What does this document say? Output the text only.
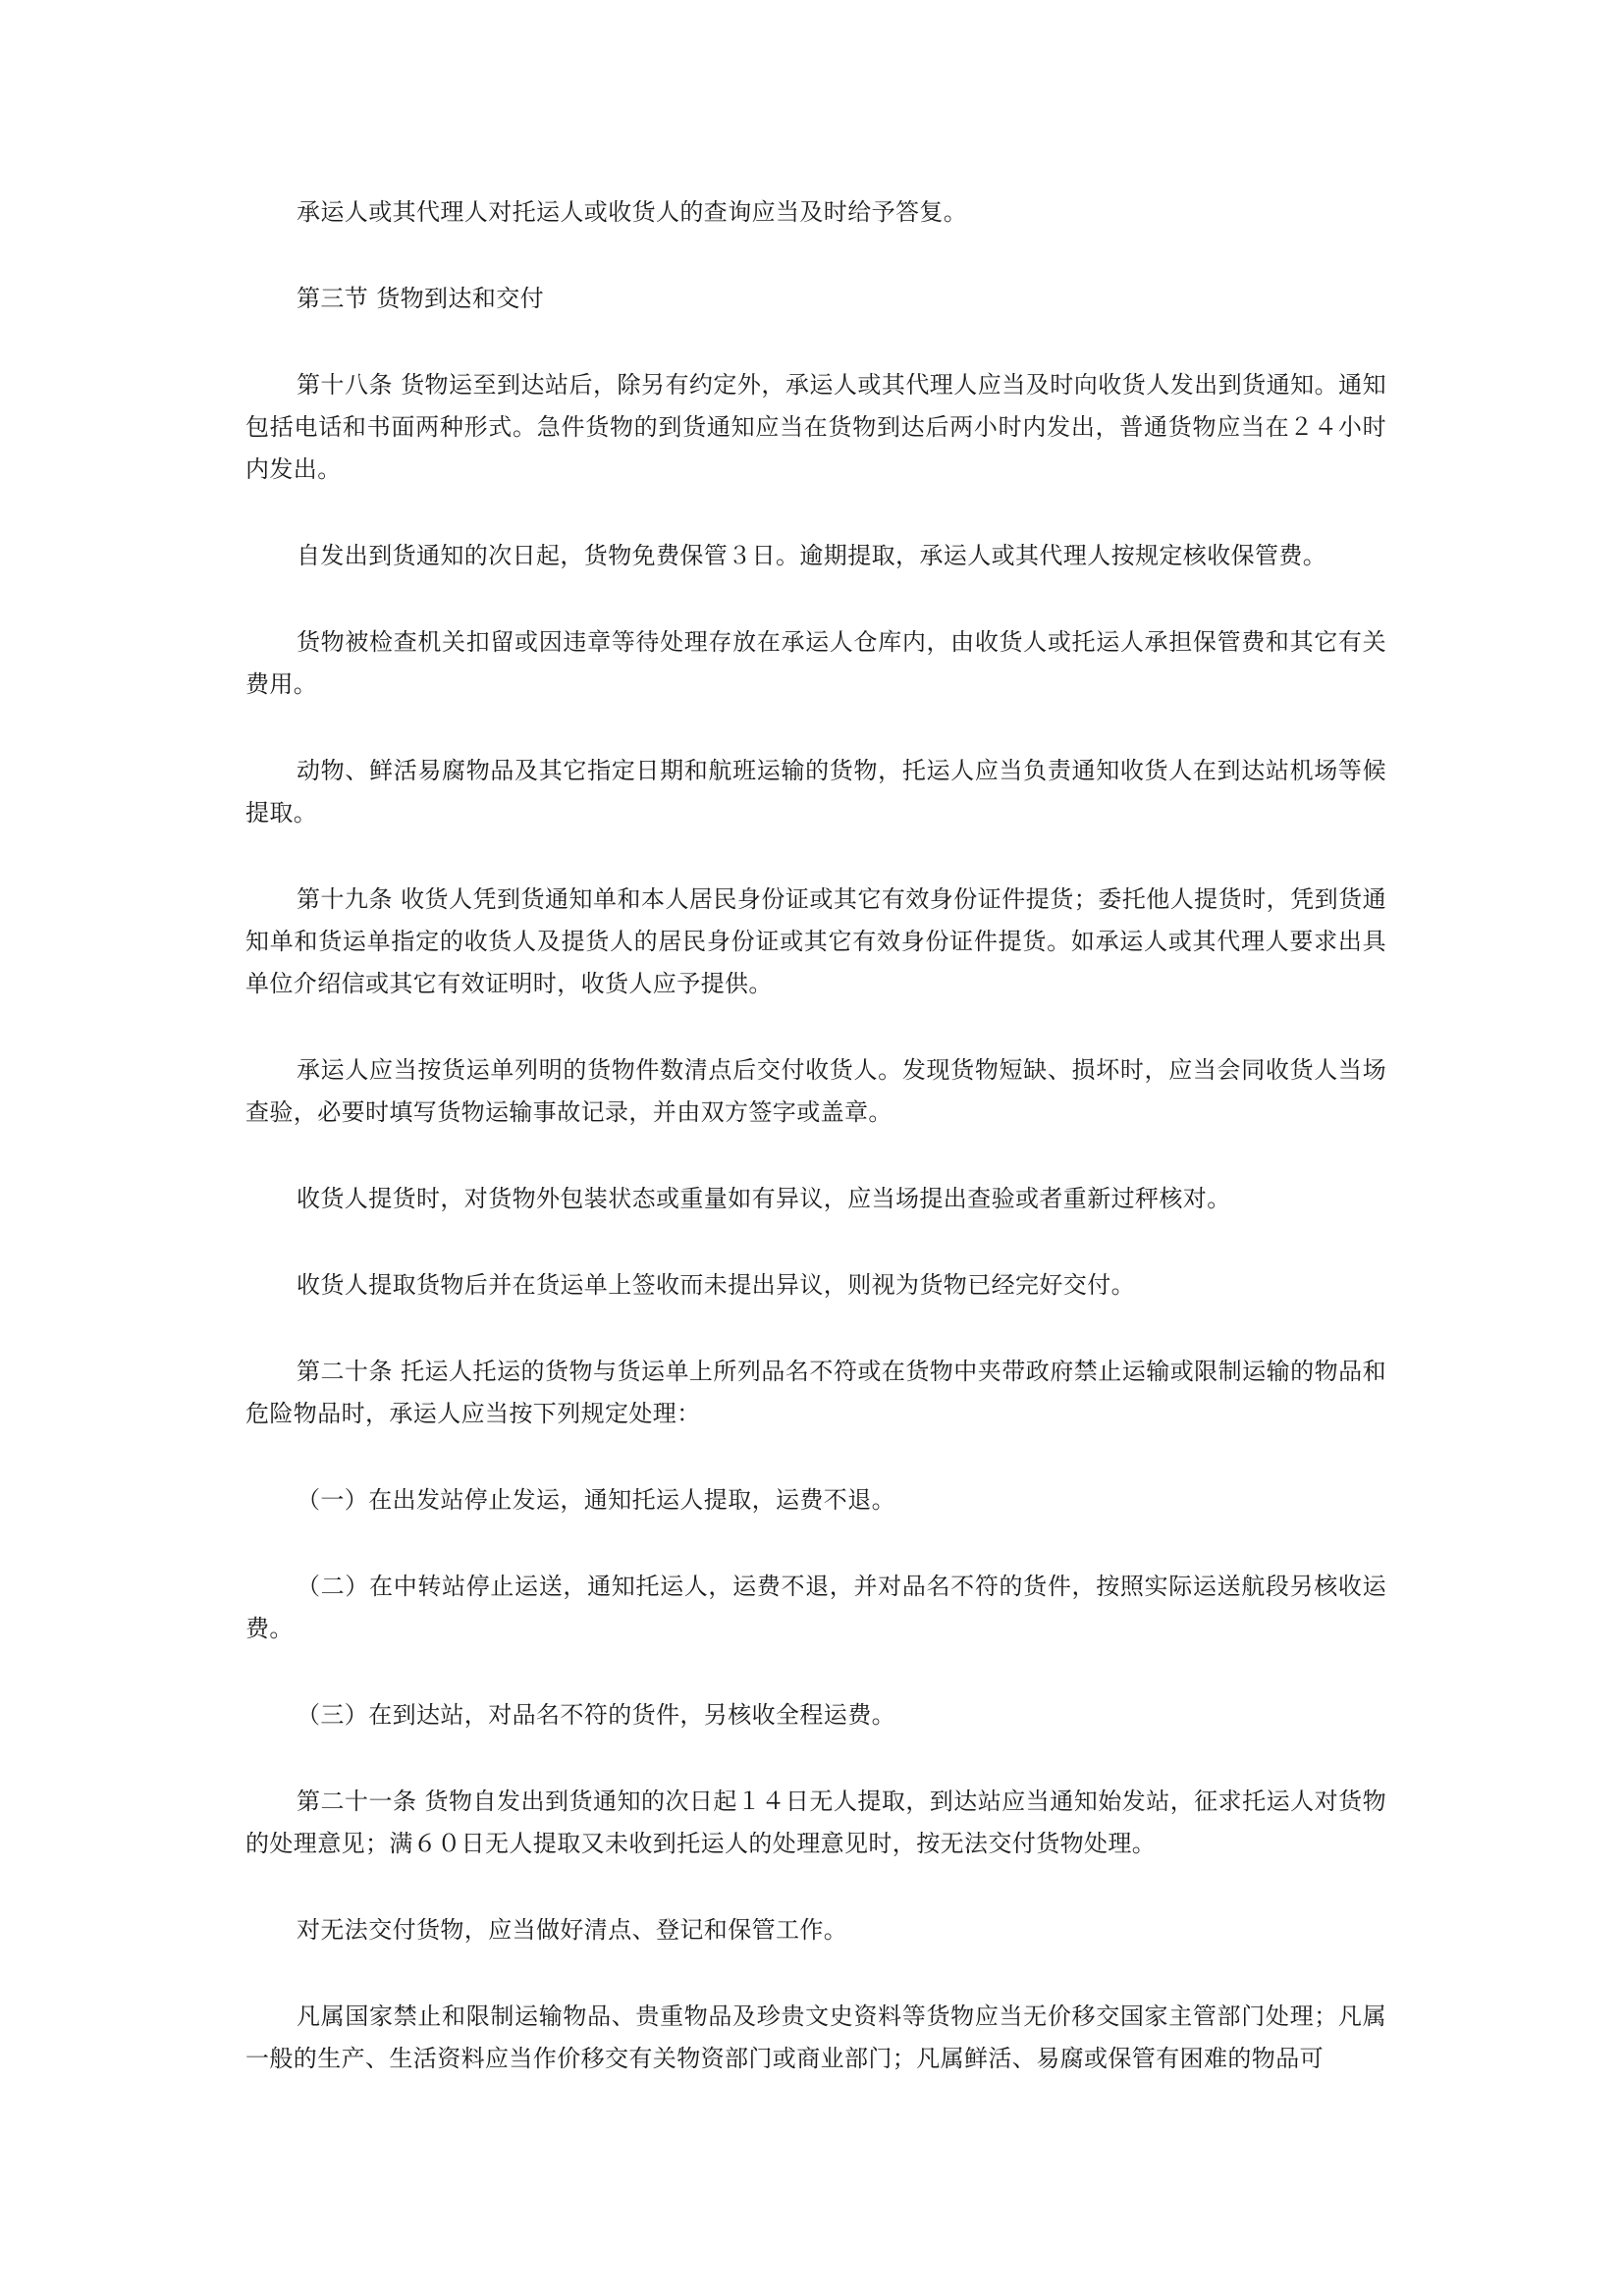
承运人或其代理人对托运人或收货人的查询应当及时给予答复。

第三节 货物到达和交付

第十八条 货物运至到达站后，除另有约定外，承运人或其代理人应当及时向收货人发出到货通知。通知包括电话和书面两种形式。急件货物的到货通知应当在货物到达后两小时内发出，普通货物应当在２４小时内发出。

自发出到货通知的次日起，货物免费保管３日。逾期提取，承运人或其代理人按规定核收保管费。

货物被检查机关扣留或因违章等待处理存放在承运人仓库内，由收货人或托运人承担保管费和其它有关费用。

动物、鲜活易腐物品及其它指定日期和航班运输的货物，托运人应当负责通知收货人在到达站机场等候提取。

第十九条 收货人凭到货通知单和本人居民身份证或其它有效身份证件提货；委托他人提货时，凭到货通知单和货运单指定的收货人及提货人的居民身份证或其它有效身份证件提货。如承运人或其代理人要求出具单位介绍信或其它有效证明时，收货人应予提供。

承运人应当按货运单列明的货物件数清点后交付收货人。发现货物短缺、损坏时，应当会同收货人当场查验，必要时填写货物运输事故记录，并由双方签字或盖章。

收货人提货时，对货物外包装状态或重量如有异议，应当场提出查验或者重新过秤核对。

收货人提取货物后并在货运单上签收而未提出异议，则视为货物已经完好交付。

第二十条 托运人托运的货物与货运单上所列品名不符或在货物中夹带政府禁止运输或限制运输的物品和危险物品时，承运人应当按下列规定处理：

（一）在出发站停止发运，通知托运人提取，运费不退。

（二）在中转站停止运送，通知托运人，运费不退，并对品名不符的货件，按照实际运送航段另核收运费。

（三）在到达站，对品名不符的货件，另核收全程运费。

第二十一条 货物自发出到货通知的次日起１４日无人提取，到达站应当通知始发站，征求托运人对货物的处理意见；满６０日无人提取又未收到托运人的处理意见时，按无法交付货物处理。

对无法交付货物，应当做好清点、登记和保管工作。

凡属国家禁止和限制运输物品、贵重物品及珍贵文史资料等货物应当无价移交国家主管部门处理；凡属一般的生产、生活资料应当作价移交有关物资部门或商业部门；凡属鲜活、易腐或保管有困难的物品可
